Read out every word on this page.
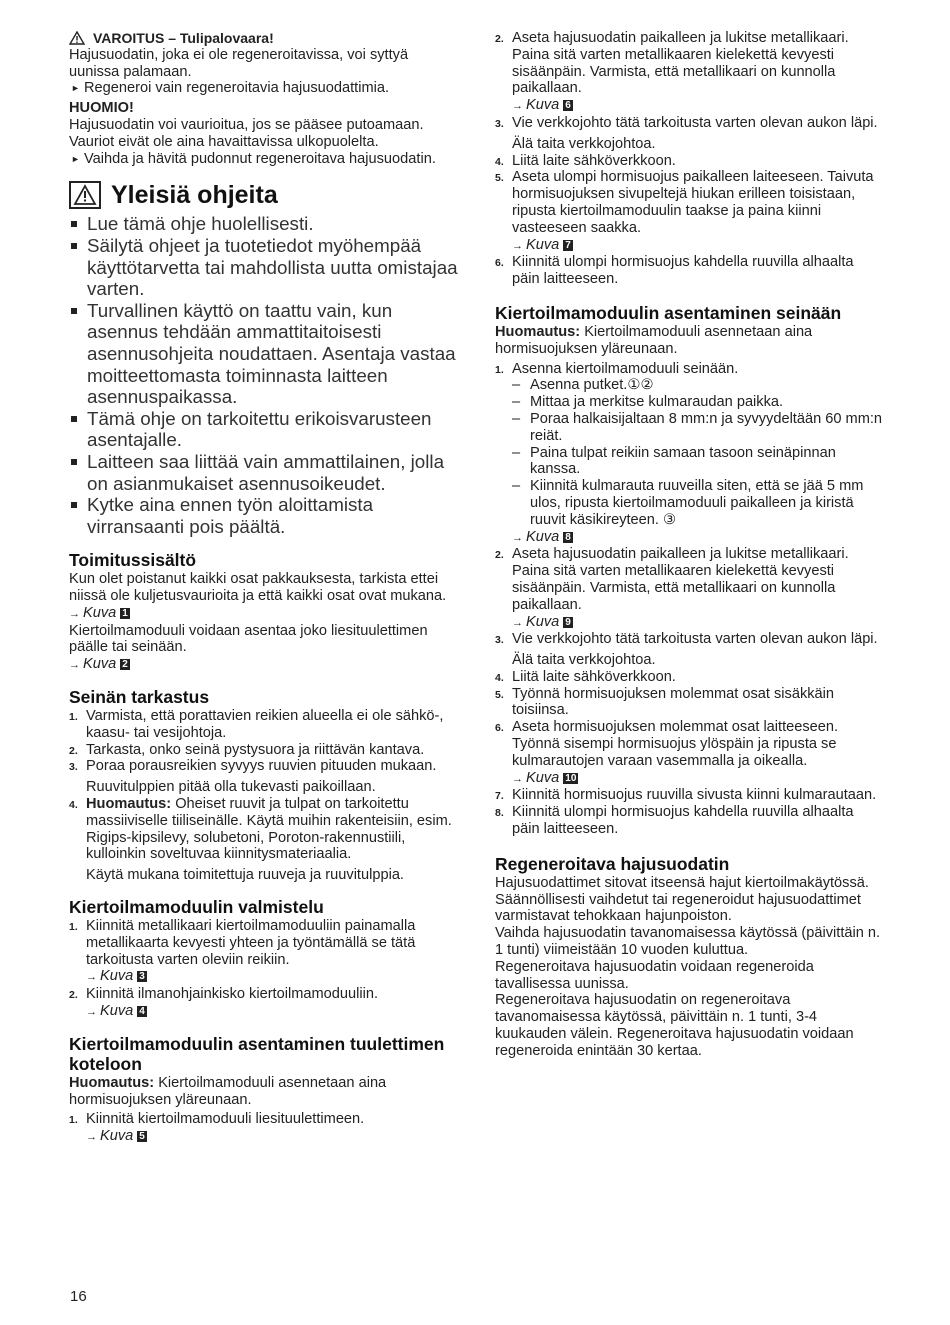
VAROITUS – Tulipalovaara!

Hajusuodatin, joka ei ole regeneroitavissa, voi syttyä uunissa palamaan.

► Regeneroi vain regeneroitavia hajusuodattimia.

HUOMIO!

Hajusuodatin voi vaurioitua, jos se pääsee putoamaan. Vauriot eivät ole aina havaittavissa ulkopuolelta.

► Vaihda ja hävitä pudonnut regeneroitava hajusuodatin.

Yleisiä ohjeita
Lue tämä ohje huolellisesti.
Säilytä ohjeet ja tuotetiedot myöhempää käyttötarvetta tai mahdollista uutta omistajaa varten.
Turvallinen käyttö on taattu vain, kun asennus tehdään ammattitaitoisesti asennusohjeita noudattaen. Asentaja vastaa moitteettomasta toiminnasta laitteen asennuspaikassa.
Tämä ohje on tarkoitettu erikoisvarusteen asentajalle.
Laitteen saa liittää vain ammattilainen, jolla on asianmukaiset asennusoikeudet.
Kytke aina ennen työn aloittamista virransaanti pois päältä.
Toimitussisältö

Kun olet poistanut kaikki osat pakkauksesta, tarkista ettei niissä ole kuljetusvaurioita ja että kaikki osat ovat mukana.

→ Kuva 1

Kiertoilmamoduuli voidaan asentaa joko liesituulettimen päälle tai seinään.

→ Kuva 2
Seinän tarkastus
1. Varmista, että porattavien reikien alueella ei ole sähkö-, kaasu- tai vesijohtoja.
2. Tarkasta, onko seinä pystysuora ja riittävän kantava.
3. Poraa porausreikien syvyys ruuvien pituuden mukaan.

Ruuvitulppien pitää olla tukevasti paikoillaan.

4. Huomautus: Oheiset ruuvit ja tulpat on tarkoitettu massiiviselle tiiliseinälle. Käytä muihin rakenteisiin, esim. Rigips-kipsilevy, solubetoni, Poroton-rakennustiili, kulloinkin soveltuvaa kiinnitysmateriaalia.

Käytä mukana toimitettuja ruuveja ja ruuvitulppia.

Kiertoilmamoduulin valmistelu
1. Kiinnitä metallikaari kiertoilmamoduuliin painamalla metallikaarta kevyesti yhteen ja työntämällä se tätä tarkoitusta varten oleviin reikiin.
→ Kuva 3
2. Kiinnitä ilmanohjainkisko kiertoilmamoduuliin.
→ Kuva 4
Kiertoilmamoduulin asentaminen tuulettimen koteloon

Huomautus: Kiertoilmamoduuli asennetaan aina hormisuojuksen yläreunaan.

1. Kiinnitä kiertoilmamoduuli liesituulettimeen.
→ Kuva 5
16
2. Aseta hajusuodatin paikalleen ja lukitse metallikaari. Paina sitä varten metallikaaren kielekettä kevyesti sisäänpäin. Varmista, että metallikaari on kunnolla paikallaan.
→ Kuva 6
3. Vie verkkojohto tätä tarkoitusta varten olevan aukon läpi.

Älä taita verkkojohtoa.

4. Liitä laite sähköverkkoon.
5. Aseta ulompi hormisuojus paikalleen laiteeseen. Taivuta hormisuojuksen sivupeltejä hiukan erilleen toisistaan, ripusta kiertoilmamoduulin taakse ja paina kiinni vasteeseen saakka.
→ Kuva 7
6. Kiinnitä ulompi hormisuojus kahdella ruuvilla alhaalta päin laitteeseen.
Kiertoilmamoduulin asentaminen seinään

Huomautus: Kiertoilmamoduuli asennetaan aina hormisuojuksen yläreunaan.

1. Asenna kiertoilmamoduuli seinään.
– Asenna putket.①②
– Mittaa ja merkitse kulmaraudan paikka.
– Poraa halkaisijaltaan 8 mm:n ja syvyydeltään 60 mm:n reiät.
– Paina tulpat reikiin samaan tasoon seinäpinnan kanssa.
– Kiinnitä kulmarauta ruuveilla siten, että se jää 5 mm ulos, ripusta kiertoilmamoduuli paikalleen ja kiristä ruuvit käsikireyteen. ③
→ Kuva 8
2. Aseta hajusuodatin paikalleen ja lukitse metallikaari. Paina sitä varten metallikaaren kielekettä kevyesti sisäänpäin. Varmista, että metallikaari on kunnolla paikallaan.
→ Kuva 9
3. Vie verkkojohto tätä tarkoitusta varten olevan aukon läpi.

Älä taita verkkojohtoa.

4. Liitä laite sähköverkkoon.
5. Työnnä hormisuojuksen molemmat osat sisäkkäin toisiinsa.
6. Aseta hormisuojuksen molemmat osat laitteeseen. Työnnä sisempi hormisuojus ylöspäin ja ripusta se kulmarautojen varaan vasemmalla ja oikealla.
→ Kuva 10
7. Kiinnitä hormisuojus ruuvilla sivusta kiinni kulmarautaan.
8. Kiinnitä ulompi hormisuojus kahdella ruuvilla alhaalta päin laitteeseen.
Regeneroitava hajusuodatin

Hajusuodattimet sitovat itseensä hajut kiertoilmakäytössä. Säännöllisesti vaihdetut tai regeneroidut hajusuodattimet varmistavat tehokkaan hajunpoiston.

Vaihda hajusuodatin tavanomaisessa käytössä (päivittäin n. 1 tunti) viimeistään 10 vuoden kuluttua.

Regeneroitava hajusuodatin voidaan regeneroida tavallisessa uunissa.

Regeneroitava hajusuodatin on regeneroitava tavanomaisessa käytössä, päivittäin n. 1 tunti, 3-4 kuukauden välein. Regeneroitava hajusuodatin voidaan regeneroida enintään 30 kertaa.
